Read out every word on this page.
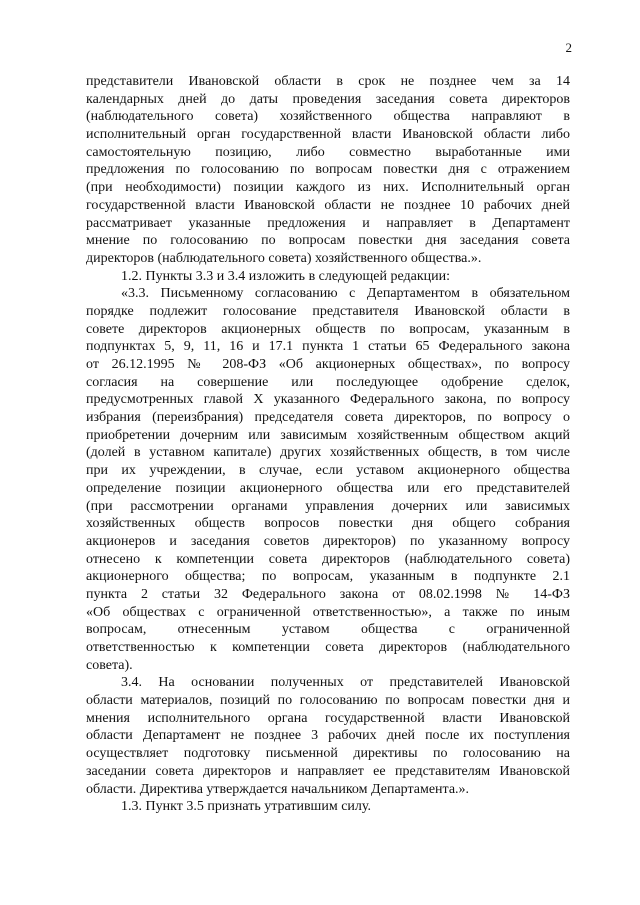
2
представители Ивановской области в срок не позднее чем за 14
календарных дней до даты проведения заседания совета директоров
(наблюдательного совета) хозяйственного общества направляют в
исполнительный орган государственной власти Ивановской области либо
самостоятельную позицию, либо совместно выработанные ими
предложения по голосованию по вопросам повестки дня с отражением
(при необходимости) позиции каждого из них. Исполнительный орган
государственной власти Ивановской области не позднее 10 рабочих дней
рассматривает указанные предложения и направляет в Департамент
мнение по голосованию по вопросам повестки дня заседания совета
директоров (наблюдательного совета) хозяйственного общества.».
1.2. Пункты 3.3 и 3.4 изложить в следующей редакции:
«3.3. Письменному согласованию с Департаментом в обязательном
порядке подлежит голосование представителя Ивановской области в
совете директоров акционерных обществ по вопросам, указанным в
подпунктах 5, 9, 11, 16 и 17.1 пункта 1 статьи 65 Федерального закона
от 26.12.1995 № 208-ФЗ «Об акционерных обществах», по вопросу
согласия на совершение или последующее одобрение сделок,
предусмотренных главой X указанного Федерального закона, по вопросу
избрания (переизбрания) председателя совета директоров, по вопросу о
приобретении дочерним или зависимым хозяйственным обществом акций
(долей в уставном капитале) других хозяйственных обществ, в том числе
при их учреждении, в случае, если уставом акционерного общества
определение позиции акционерного общества или его представителей
(при рассмотрении органами управления дочерних или зависимых
хозяйственных обществ вопросов повестки дня общего собрания
акционеров и заседания советов директоров) по указанному вопросу
отнесено к компетенции совета директоров (наблюдательного совета)
акционерного общества; по вопросам, указанным в подпункте 2.1
пункта 2 статьи 32 Федерального закона от 08.02.1998 № 14-ФЗ
«Об обществах с ограниченной ответственностью», а также по иным
вопросам, отнесенным уставом общества с ограниченной
ответственностью к компетенции совета директоров (наблюдательного
совета).
3.4. На основании полученных от представителей Ивановской
области материалов, позиций по голосованию по вопросам повестки дня и
мнения исполнительного органа государственной власти Ивановской
области Департамент не позднее 3 рабочих дней после их поступления
осуществляет подготовку письменной директивы по голосованию на
заседании совета директоров и направляет ее представителям Ивановской
области. Директива утверждается начальником Департамента.».
1.3. Пункт 3.5 признать утратившим силу.
